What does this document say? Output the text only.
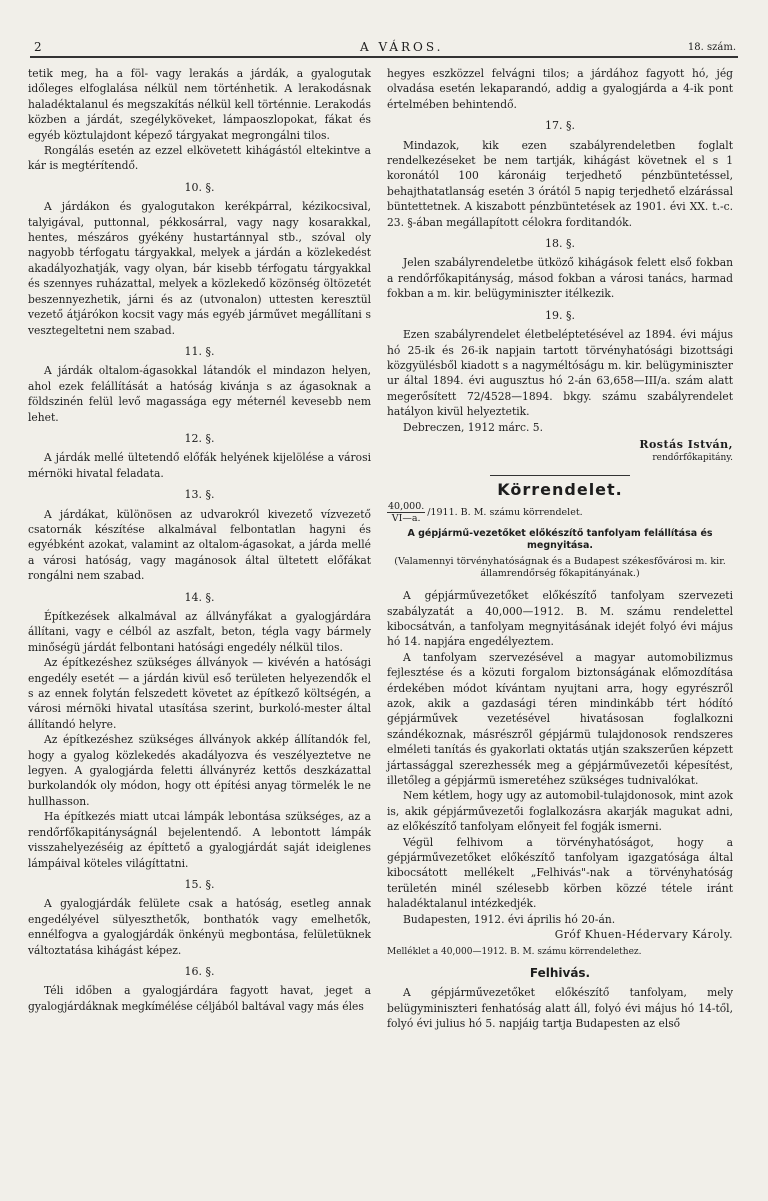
2	A VÁROS.	18. szám.

tetik meg, ha a föl- vagy lerakás a járdák, a gyalogutak időleges elfoglalása nélkül nem történhetik. A lerakodásnak haladéktalanul és megszakítás nélkül kell történnie. Lerakodás közben a járdát, szegélyköveket, lámpaoszlopokat, fákat és egyéb köztulajdont képező tárgyakat megrongálni tilos.

Rongálás esetén az ezzel elkövetett kihágástól eltekintve a kár is megtérítendő.

10. §.

A járdákon és gyalogutakon kerékpárral, kézikocsival, talyigával, puttonnal, pékkosárral, vagy nagy kosarakkal, hentes, mészáros gyékény hustartánnyal stb., szóval oly nagyobb térfogatu tárgyakkal, melyek a járdán a közlekedést akadályozhatják, vagy olyan, bár kisebb térfogatu tárgyakkal és szennyes ruházattal, melyek a közlekedő közönség öltözetét beszennyezhetik, járni és az (utvonalon) uttesten keresztül vezető átjárókon kocsit vagy más egyéb járművet megállítani s vesztegeltetni nem szabad.

11. §.

A járdák oltalom-ágasokkal látandók el mindazon helyen, ahol ezek felállítását a hatóság kivánja s az ágasoknak a földszinén felül levő magassága egy méternél kevesebb nem lehet.

12. §.

A járdák mellé ültetendő előfák helyének kijelölése a városi mérnöki hivatal feladata.

13. §.

A járdákat, különösen az udvarokról kivezető vízvezető csatornák készítése alkalmával felbontatlan hagyni és egyébként azokat, valamint az oltalom-ágasokat, a járda mellé a városi hatóság, vagy magánosok által ültetett előfákat rongálni nem szabad.

14. §.

Építkezések alkalmával az állványfákat a gyalogjárdára állítani, vagy e célból az aszfalt, beton, tégla vagy bármely minőségü járdát felbontani hatósági engedély nélkül tilos.

Az építkezéshez szükséges állványok — kivévén a hatósági engedély esetét — a járdán kivül eső területen helyezendők el s az ennek folytán felszedett követet az építkező költségén, a városi mérnöki hivatal utasítása szerint, burkoló-mester által állítandó helyre.

Az építkezéshez szükséges állványok akkép állítandók fel, hogy a gyalog közlekedés akadályozva és veszélyeztetve ne legyen. A gyalogjárda feletti állványréz kettős deszkázattal burkolandók oly módon, hogy ott építési anyag törmelék le ne hullhasson.

Ha építkezés miatt utcai lámpák lebontása szükséges, az a rendőrfőkapitányságnál bejelentendő. A lebontott lámpák visszahelyezéséig az építtető a gyalogjárdát saját ideiglenes lámpáival köteles világíttatni.

15. §.

A gyalogjárdák felülete csak a hatóság, esetleg annak engedélyével sülyeszthetők, bonthatók vagy emelhetők, ennélfogva a gyalogjárdák önkényü megbontása, felületüknek változtatása kihágást képez.

16. §.

Téli időben a gyalogjárdára fagyott havat, jeget a gyalogjárdáknak megkímélése céljából baltával vagy más éles

hegyes eszközzel felvágni tilos; a járdához fagyott hó, jég olvadása esetén lekaparandó, addig a gyalogjárda a 4-ik pont értelmében behintendő.

17. §.

Mindazok, kik ezen szabályrendeletben foglalt rendelkezéseket be nem tartják, kihágást követnek el s 1 koronától 100 káronáig terjedhető pénzbüntetéssel, behajthatatlanság esetén 3 órától 5 napig terjedhető elzárással büntettetnek. A kiszabott pénzbüntetések az 1901. évi XX. t.-c. 23. §-ában megállapított célokra forditandók.

18. §.

Jelen szabályrendeletbe ütköző kihágások felett első fokban a rendőrfőkapitányság, másod fokban a városi tanács, harmad fokban a m. kir. belügyminiszter itélkezik.

19. §.

Ezen szabályrendelet életbeléptetésével az 1894. évi május hó 25-ik és 26-ik napjain tartott törvényhatósági bizottsági közgyülésből kiadott s a nagyméltóságu m. kir. belügyminiszter ur által 1894. évi augusztus hó 2-án 63,658—III/a. szám alatt megerősített 72/4528—1894. bkgy. számu szabályrendelet hatályon kivül helyeztetik.

Debreczen, 1912 márc. 5.

Rostás István,
rendőrfőkapitány.
Körrendelet.
$\frac{40,000.}{VI—a.} /1911$. B. M. számu körrendelet.
A gépjármű-vezetőket előkészítő tanfolyam felállítása és megnyitása.
(Valamennyi törvényhatóságnak és a Budapest székesfővárosi m. kir. államrendőrség főkapitányának.)

A gépjárművezetőket előkészítő tanfolyam szervezeti szabályzatát a 40,000—1912. B. M. számu rendelettel kibocsátván, a tanfolyam megnyitásának idejét folyó évi május hó 14. napjára engedélyeztem.

A tanfolyam szervezésével a magyar automobilizmus fejlesztése és a közuti forgalom biztonságának előmozdítása érdekében módot kívántam nyujtani arra, hogy egyrészről azok, akik a gazdasági téren mindinkább tért hódító gépjárművek vezetésével hivatásosan foglalkozni szándékoznak, másrészről gépjármü tulajdonosok rendszeres elméleti tanítás és gyakorlati oktatás utján szakszerűen képzett jártassággal szerezhessék meg a gépjárművezetői képesítést, illetőleg a gépjármü ismeretéhez szükséges tudnivalókat.

Nem kétlem, hogy ugy az automobil-tulajdonosok, mint azok is, akik gépjárművezetői foglalkozásra akarják magukat adni, az előkészítő tanfolyam előnyeit fel fogják ismerni.

Végül felhivom a törvényhatóságot, hogy a gépjárművezetőket előkészítő tanfolyam igazgatósága által kibocsátott mellékelt „Felhivás"-nak a törvényhatóság területén minél szélesebb körben közzé tétele iránt haladéktalanul intézkedjék.

Budapesten, 1912. évi április hó 20-án.

Gróf Khuen-Hédervary Károly.
Melléklet a 40,000—1912. B. M. számu körrendelethez.
Felhivás.

A gépjárművezetőket előkészítő tanfolyam, mely belügyminiszteri fenhatóság alatt áll, folyó évi május hó 14-től, folyó évi julius hó 5. napjáig tartja Budapesten az első
